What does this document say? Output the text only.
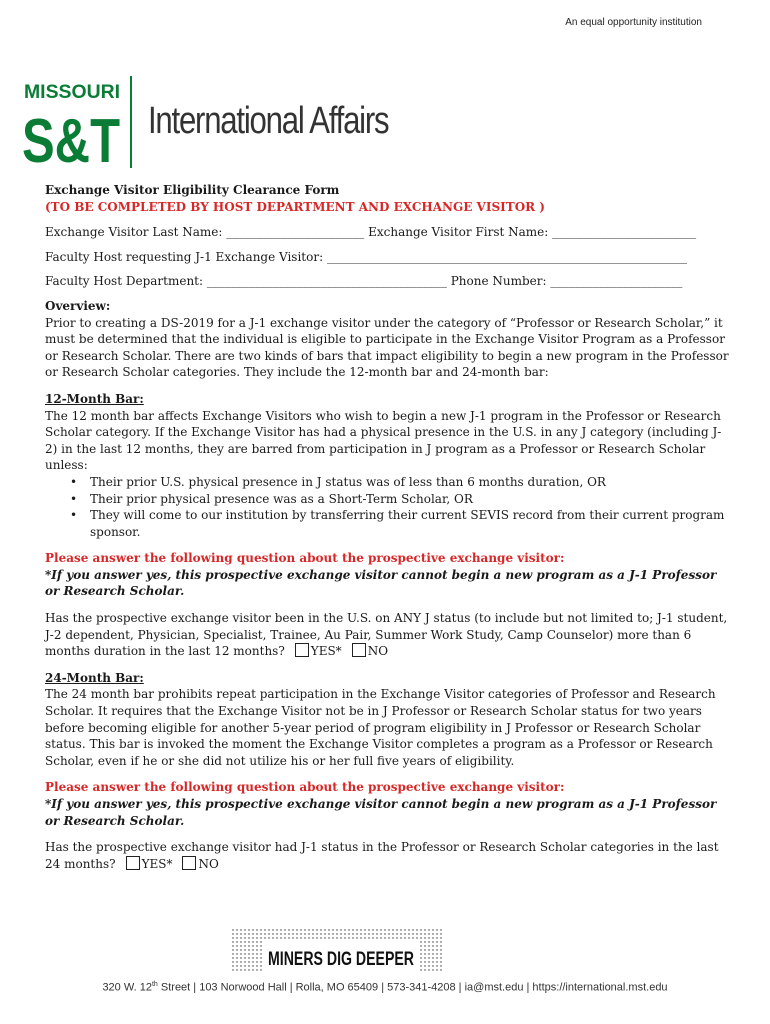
An equal opportunity institution
MISSOURI
S&T International Affairs
Exchange Visitor Eligibility Clearance Form
(TO BE COMPLETED BY HOST DEPARTMENT AND EXCHANGE VISITOR )
Exchange Visitor Last Name: _______________________ Exchange Visitor First Name: ________________________
Faculty Host requesting J-1 Exchange Visitor: ____________________________________________________________
Faculty Host Department: ________________________________________ Phone Number: ______________________
Overview:

Prior to creating a DS-2019 for a J-1 exchange visitor under the category of “Professor or Research Scholar,” it must be determined that the individual is eligible to participate in the Exchange Visitor Program as a Professor or Research Scholar. There are two kinds of bars that impact eligibility to begin a new program in the Professor or Research Scholar categories. They include the 12-month bar and 24-month bar:

12-Month Bar:

The 12 month bar affects Exchange Visitors who wish to begin a new J-1 program in the Professor or Research Scholar category. If the Exchange Visitor has had a physical presence in the U.S. in any J category (including J-2) in the last 12 months, they are barred from participation in J program as a Professor or Research Scholar unless:

• Their prior U.S. physical presence in J status was of less than 6 months duration, OR
• Their prior physical presence was as a Short-Term Scholar, OR
• They will come to our institution by transferring their current SEVIS record from their current program sponsor.
Please answer the following question about the prospective exchange visitor:
*If you answer yes, this prospective exchange visitor cannot begin a new program as a J-1 Professor or Research Scholar.

Has the prospective exchange visitor been in the U.S. on ANY J status (to include but not limited to; J-1 student, J-2 dependent, Physician, Specialist, Trainee, Au Pair, Summer Work Study, Camp Counselor) more than 6 months duration in the last 12 months? YES* NO

24-Month Bar:

The 24 month bar prohibits repeat participation in the Exchange Visitor categories of Professor and Research Scholar. It requires that the Exchange Visitor not be in J Professor or Research Scholar status for two years before becoming eligible for another 5-year period of program eligibility in J Professor or Research Scholar status. This bar is invoked the moment the Exchange Visitor completes a program as a Professor or Research Scholar, even if he or she did not utilize his or her full five years of eligibility.

Please answer the following question about the prospective exchange visitor:
*If you answer yes, this prospective exchange visitor cannot begin a new program as a J-1 Professor or Research Scholar.

Has the prospective exchange visitor had J-1 status in the Professor or Research Scholar categories in the last 24 months? YES* NO

MINERS DIG DEEPER
320 W. 12th Street | 103 Norwood Hall | Rolla, MO 65409 | 573-341-4208 | ia@mst.edu | https://international.mst.edu
